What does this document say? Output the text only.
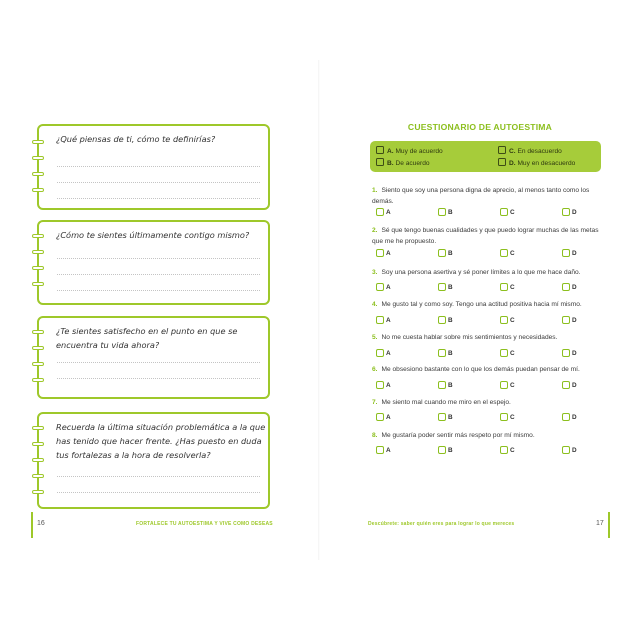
¿Qué piensas de ti, cómo te definirías?

¿Cómo te sientes últimamente contigo mismo?

¿Te sientes satisfecho en el punto en que se encuentra tu vida ahora?

Recuerda la última situación problemática a la que has tenido que hacer frente. ¿Has puesto en duda tus fortalezas a la hora de resolverla?

16	FORTALECE TU AUTOESTIMA Y VIVE COMO DESEAS
CUESTIONARIO DE AUTOESTIMA
A. Muy de acuerdo
B. De acuerdo
C. En desacuerdo
D. Muy en desacuerdo
1. Siento que soy una persona digna de aprecio, al menos tanto como los demás.
A	B	C	D
2. Sé que tengo buenas cualidades y que puedo lograr muchas de las metas que me he propuesto.
A	B	C	D
3. Soy una persona asertiva y sé poner límites a lo que me hace daño.
A	B	C	D
4. Me gusto tal y como soy. Tengo una actitud positiva hacia mí mismo.
A	B	C	D
5. No me cuesta hablar sobre mis sentimientos y necesidades.
A	B	C	D
6. Me obsesiono bastante con lo que los demás puedan pensar de mí.
A	B	C	D
7. Me siento mal cuando me miro en el espejo.
A	B	C	D
8. Me gustaría poder sentir más respeto por mí mismo.
A	B	C	D
Descúbrete: saber quién eres para lograr lo que mereces	17
